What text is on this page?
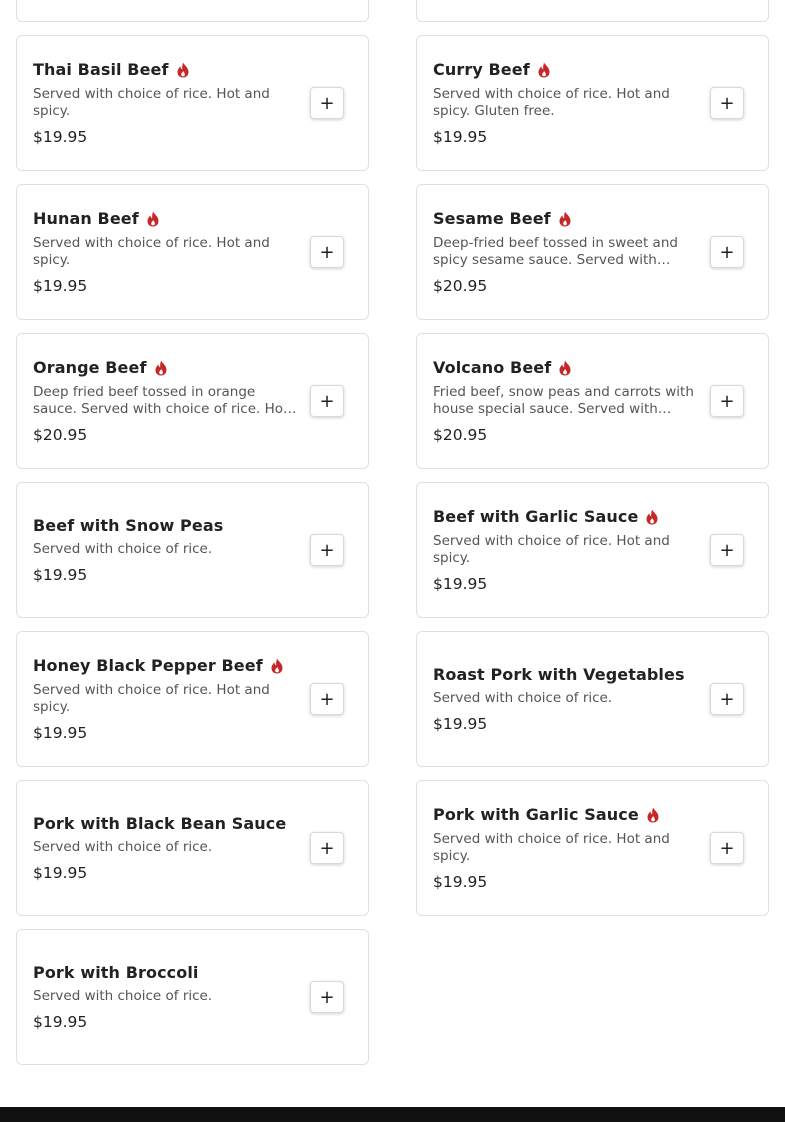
Thai Basil Beef
Served with choice of rice. Hot and spicy.
$19.95
+
Curry Beef
Served with choice of rice. Hot and spicy. Gluten free.
$19.95
+
Hunan Beef
Served with choice of rice. Hot and spicy.
$19.95
+
Sesame Beef
Deep-fried beef tossed in sweet and spicy sesame sauce. Served with
$20.95
+
Orange Beef
Deep fried beef tossed in orange sauce. Served with choice of rice. Hot
$20.95
+
Volcano Beef
Fried beef, snow peas and carrots with house special sauce. Served with
$20.95
+
Beef with Snow Peas
Served with choice of rice.
$19.95
+
Beef with Garlic Sauce
Served with choice of rice. Hot and spicy.
$19.95
+
Honey Black Pepper Beef
Served with choice of rice. Hot and spicy.
$19.95
+
Roast Pork with Vegetables
Served with choice of rice.
$19.95
+
Pork with Black Bean Sauce
Served with choice of rice.
$19.95
+
Pork with Garlic Sauce
Served with choice of rice. Hot and spicy.
$19.95
+
Pork with Broccoli
Served with choice of rice.
$19.95
+
